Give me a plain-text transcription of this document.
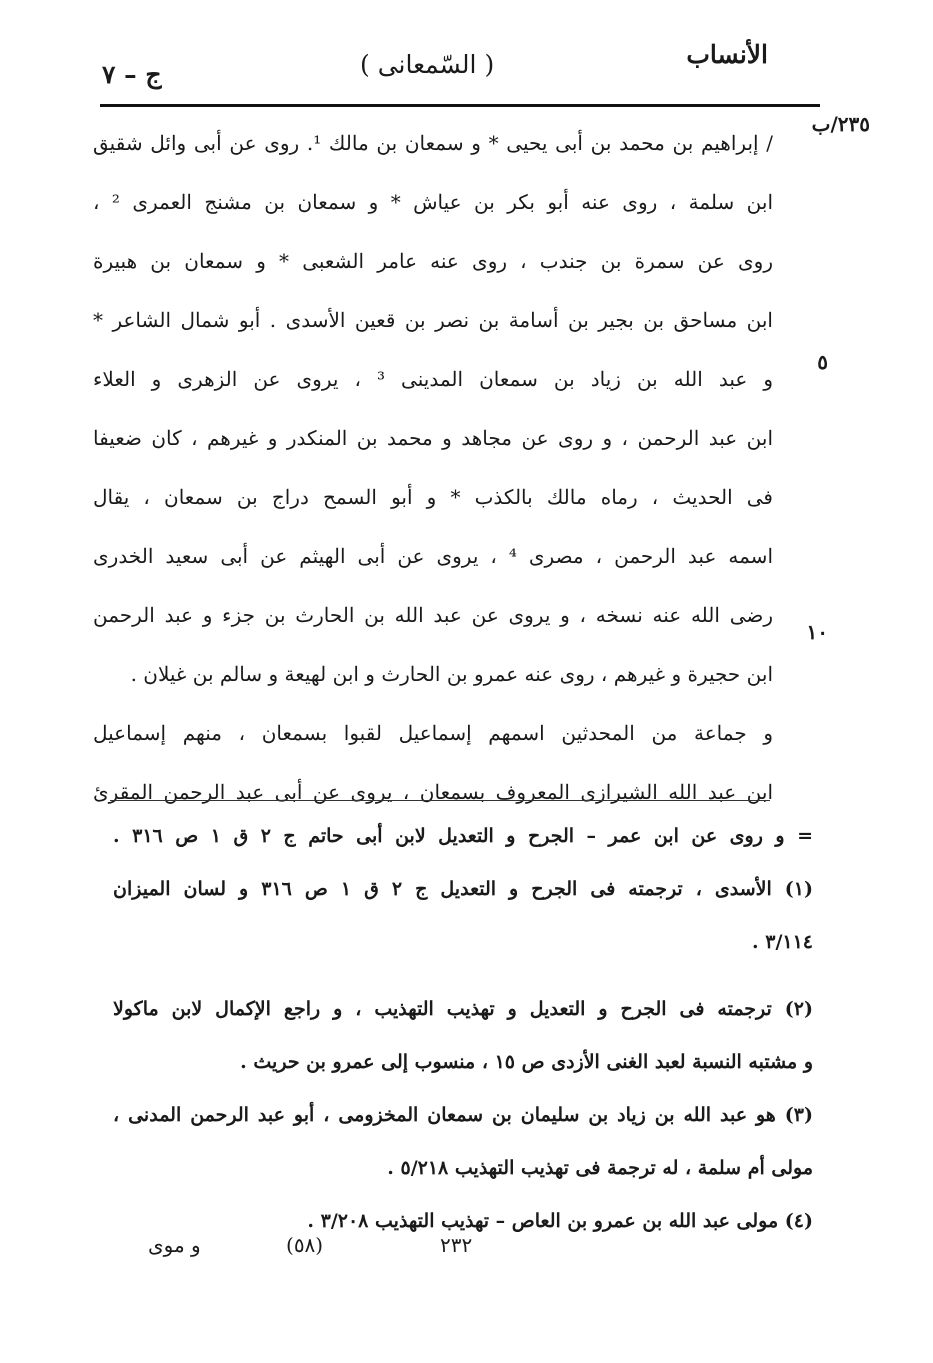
الأنساب
( السّمعانى )
ج – ٧
٢٣٥/ب
٥
١٠
/ إبراهيم بن محمد بن أبى يحيى * و سمعان بن مالك ¹. روى عن أبى وائل شقيق
ابن سلمة ، روى عنه أبو بكر بن عياش * و سمعان بن مشنج العمرى ² ،
روى عن سمرة بن جندب ، روى عنه عامر الشعبى * و سمعان بن هبيرة
ابن مساحق بن بجير بن أسامة بن نصر بن قعين الأسدى . أبو شمال الشاعر *
و عبد الله بن زياد بن سمعان المدينى ³ ، يروى عن الزهرى و العلاء
ابن عبد الرحمن ، و روى عن مجاهد و محمد بن المنكدر و غيرهم ، كان ضعيفا
فى الحديث ، رماه مالك بالكذب * و أبو السمح دراج بن سمعان ، يقال
اسمه عبد الرحمن ، مصرى ⁴ ، يروى عن أبى الهيثم عن أبى سعيد الخدرى
رضى الله عنه نسخه ، و يروى عن عبد الله بن الحارث بن جزء و عبد الرحمن
ابن حجيرة و غيرهم ، روى عنه عمرو بن الحارث و ابن لهيعة و سالم بن غيلان .
و جماعة من المحدثين اسمهم إسماعيل لقبوا بسمعان ، منهم إسماعيل
ابن عبد الله الشيرازى المعروف بسمعان ، يروى عن أبى عبد الرحمن المقرئ
= و روى عن ابن عمر – الجرح و التعديل لابن أبى حاتم ج ٢ ق ١ ص ٣١٦ .
(١) الأسدى ، ترجمته فى الجرح و التعديل ج ٢ ق ١ ص ٣١٦ و لسان الميزان
٣/١١٤ .
(٢) ترجمته فى الجرح و التعديل و تهذيب التهذيب ، و راجع الإكمال لابن ماكولا
و مشتبه النسبة لعبد الغنى الأزدى ص ١٥ ، منسوب إلى عمرو بن حريث .
(٣) هو عبد الله بن زياد بن سليمان بن سمعان المخزومى ، أبو عبد الرحمن المدنى ،
مولى أم سلمة ، له ترجمة فى تهذيب التهذيب ٥/٢١٨ .
(٤) مولى عبد الله بن عمرو بن العاص – تهذيب التهذيب ٣/٢٠٨ .
٢٣٢
(٥٨)
و موى
